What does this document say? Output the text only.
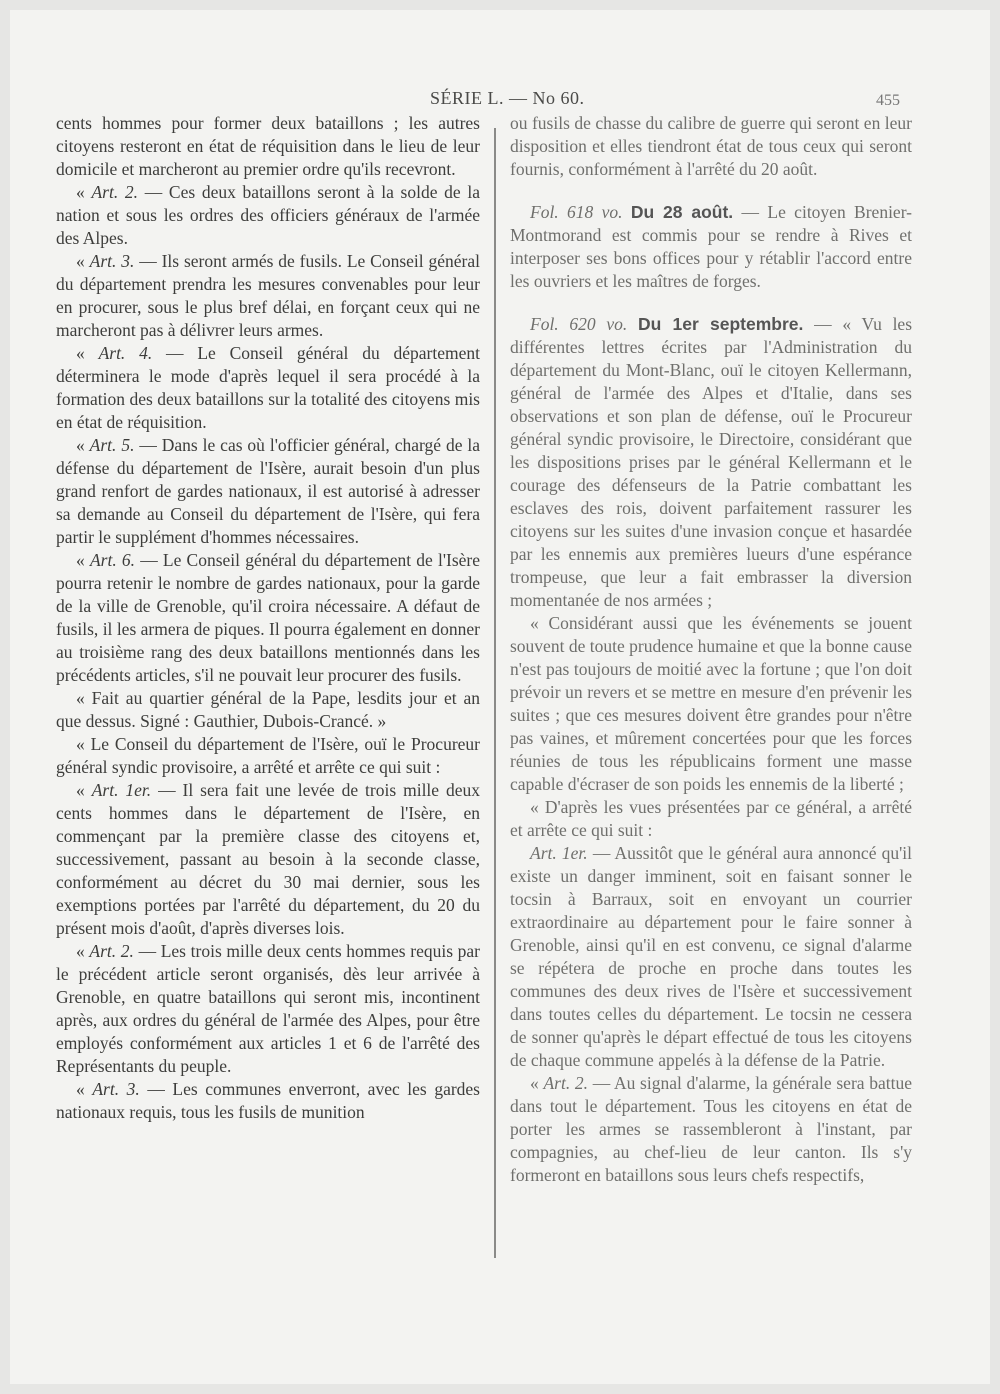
SÉRIE L. — No 60.	455

cents hommes pour former deux bataillons ; les autres citoyens resteront en état de réquisition dans le lieu de leur domicile et marcheront au premier ordre qu'ils recevront.

« Art. 2. — Ces deux bataillons seront à la solde de la nation et sous les ordres des officiers généraux de l'armée des Alpes.

« Art. 3. — Ils seront armés de fusils. Le Conseil général du département prendra les mesures convenables pour leur en procurer, sous le plus bref délai, en forçant ceux qui ne marcheront pas à délivrer leurs armes.

« Art. 4. — Le Conseil général du département déterminera le mode d'après lequel il sera procédé à la formation des deux bataillons sur la totalité des citoyens mis en état de réquisition.

« Art. 5. — Dans le cas où l'officier général, chargé de la défense du département de l'Isère, aurait besoin d'un plus grand renfort de gardes nationaux, il est autorisé à adresser sa demande au Conseil du département de l'Isère, qui fera partir le supplément d'hommes nécessaires.

« Art. 6. — Le Conseil général du département de l'Isère pourra retenir le nombre de gardes nationaux, pour la garde de la ville de Grenoble, qu'il croira nécessaire. A défaut de fusils, il les armera de piques. Il pourra également en donner au troisième rang des deux bataillons mentionnés dans les précédents articles, s'il ne pouvait leur procurer des fusils.

« Fait au quartier général de la Pape, lesdits jour et an que dessus. Signé : Gauthier, Dubois-Crancé. »

« Le Conseil du département de l'Isère, ouï le Procureur général syndic provisoire, a arrêté et arrête ce qui suit :

« Art. 1er. — Il sera fait une levée de trois mille deux cents hommes dans le département de l'Isère, en commençant par la première classe des citoyens et, successivement, passant au besoin à la seconde classe, conformément au décret du 30 mai dernier, sous les exemptions portées par l'arrêté du département, du 20 du présent mois d'août, d'après diverses lois.

« Art. 2. — Les trois mille deux cents hommes requis par le précédent article seront organisés, dès leur arrivée à Grenoble, en quatre bataillons qui seront mis, incontinent après, aux ordres du général de l'armée des Alpes, pour être employés conformément aux articles 1 et 6 de l'arrêté des Représentants du peuple.

« Art. 3. — Les communes enverront, avec les gardes nationaux requis, tous les fusils de munition

ou fusils de chasse du calibre de guerre qui seront en leur disposition et elles tiendront état de tous ceux qui seront fournis, conformément à l'arrêté du 20 août.

Fol. 618 vo. Du 28 août. — Le citoyen Brenier-Montmorand est commis pour se rendre à Rives et interposer ses bons offices pour y rétablir l'accord entre les ouvriers et les maîtres de forges.

Fol. 620 vo. Du 1er septembre. — « Vu les différentes lettres écrites par l'Administration du département du Mont-Blanc, ouï le citoyen Kellermann, général de l'armée des Alpes et d'Italie, dans ses observations et son plan de défense, ouï le Procureur général syndic provisoire, le Directoire, considérant que les dispositions prises par le général Kellermann et le courage des défenseurs de la Patrie combattant les esclaves des rois, doivent parfaitement rassurer les citoyens sur les suites d'une invasion conçue et hasardée par les ennemis aux premières lueurs d'une espérance trompeuse, que leur a fait embrasser la diversion momentanée de nos armées ;

« Considérant aussi que les événements se jouent souvent de toute prudence humaine et que la bonne cause n'est pas toujours de moitié avec la fortune ; que l'on doit prévoir un revers et se mettre en mesure d'en prévenir les suites ; que ces mesures doivent être grandes pour n'être pas vaines, et mûrement concertées pour que les forces réunies de tous les républicains forment une masse capable d'écraser de son poids les ennemis de la liberté ;

« D'après les vues présentées par ce général, a arrêté et arrête ce qui suit :

Art. 1er. — Aussitôt que le général aura annoncé qu'il existe un danger imminent, soit en faisant sonner le tocsin à Barraux, soit en envoyant un courrier extraordinaire au département pour le faire sonner à Grenoble, ainsi qu'il en est convenu, ce signal d'alarme se répétera de proche en proche dans toutes les communes des deux rives de l'Isère et successivement dans toutes celles du département. Le tocsin ne cessera de sonner qu'après le départ effectué de tous les citoyens de chaque commune appelés à la défense de la Patrie.

« Art. 2. — Au signal d'alarme, la générale sera battue dans tout le département. Tous les citoyens en état de porter les armes se rassembleront à l'instant, par compagnies, au chef-lieu de leur canton. Ils s'y formeront en bataillons sous leurs chefs respectifs,
